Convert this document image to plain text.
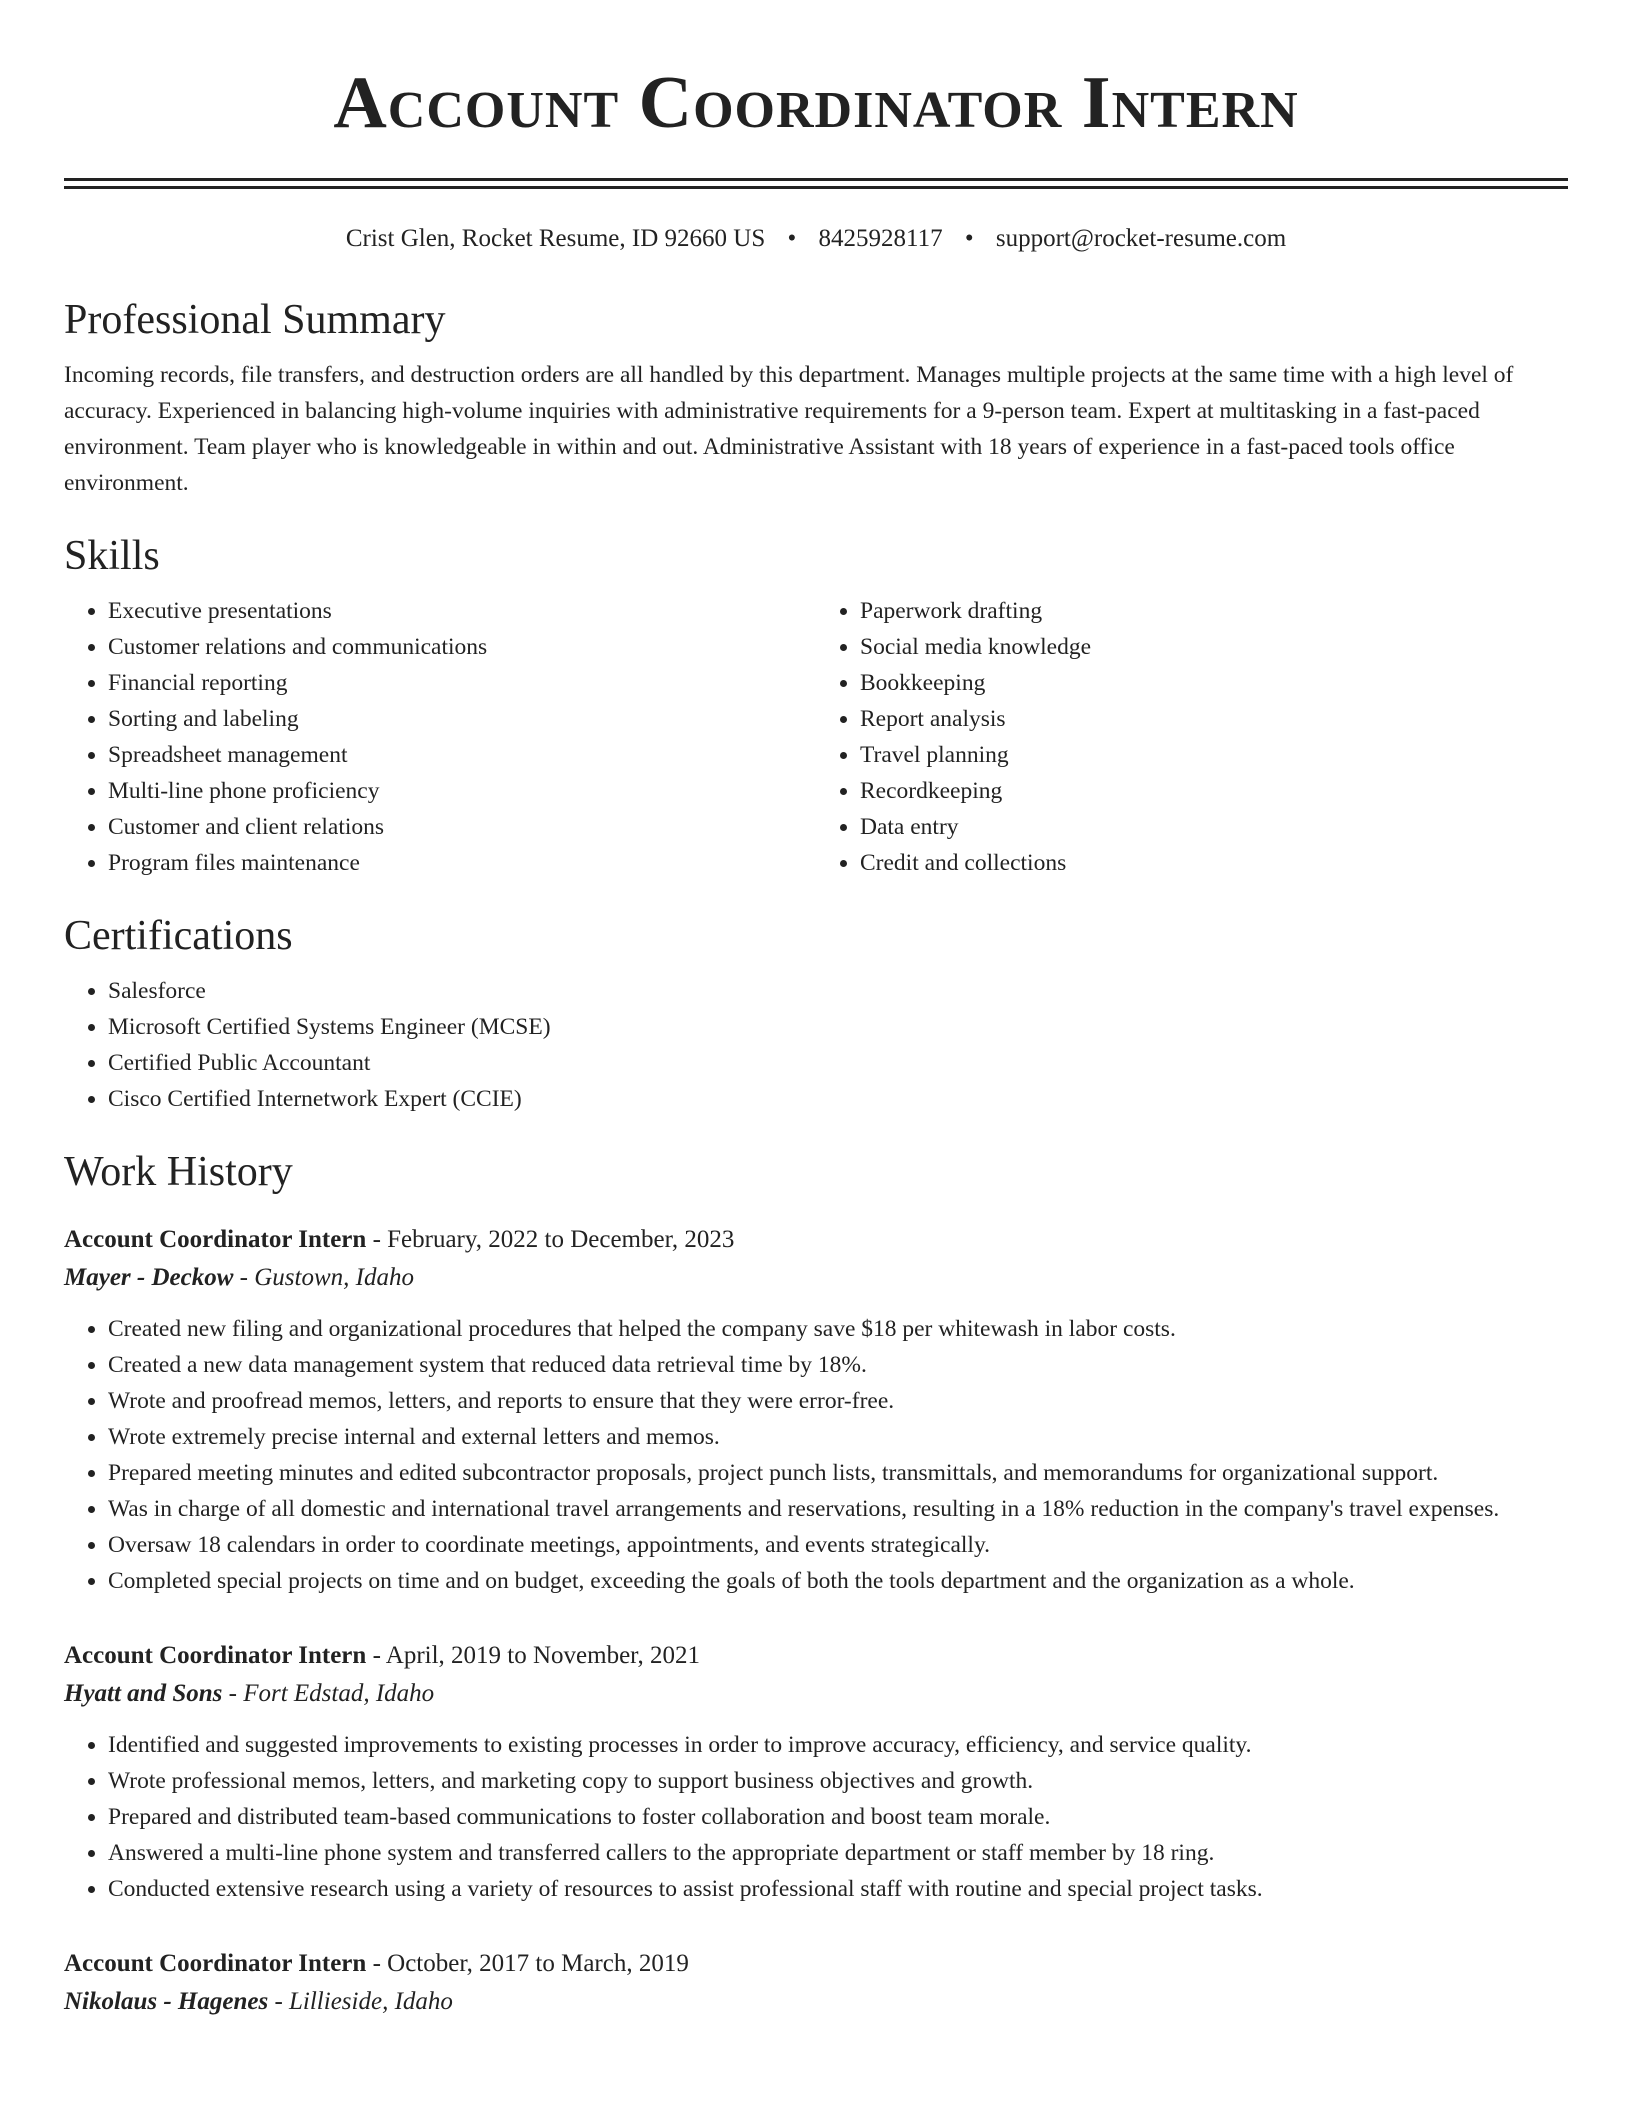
Account Coordinator Intern
Crist Glen, Rocket Resume, ID 92660 US • 8425928117 • support@rocket-resume.com
Professional Summary

Incoming records, file transfers, and destruction orders are all handled by this department. Manages multiple projects at the same time with a high level of accuracy. Experienced in balancing high-volume inquiries with administrative requirements for a 9-person team. Expert at multitasking in a fast-paced environment. Team player who is knowledgeable in within and out. Administrative Assistant with 18 years of experience in a fast-paced tools office environment.

Skills
• Executive presentations
• Customer relations and communications
• Financial reporting
• Sorting and labeling
• Spreadsheet management
• Multi-line phone proficiency
• Customer and client relations
• Program files maintenance
• Paperwork drafting
• Social media knowledge
• Bookkeeping
• Report analysis
• Travel planning
• Recordkeeping
• Data entry
• Credit and collections
Certifications
• Salesforce
• Microsoft Certified Systems Engineer (MCSE)
• Certified Public Accountant
• Cisco Certified Internetwork Expert (CCIE)
Work History
Account Coordinator Intern - February, 2022 to December, 2023
Mayer - Deckow - Gustown, Idaho
• Created new filing and organizational procedures that helped the company save $18 per whitewash in labor costs.
• Created a new data management system that reduced data retrieval time by 18%.
• Wrote and proofread memos, letters, and reports to ensure that they were error-free.
• Wrote extremely precise internal and external letters and memos.
• Prepared meeting minutes and edited subcontractor proposals, project punch lists, transmittals, and memorandums for organizational support.
• Was in charge of all domestic and international travel arrangements and reservations, resulting in a 18% reduction in the company's travel expenses.
• Oversaw 18 calendars in order to coordinate meetings, appointments, and events strategically.
• Completed special projects on time and on budget, exceeding the goals of both the tools department and the organization as a whole.
Account Coordinator Intern - April, 2019 to November, 2021
Hyatt and Sons - Fort Edstad, Idaho
• Identified and suggested improvements to existing processes in order to improve accuracy, efficiency, and service quality.
• Wrote professional memos, letters, and marketing copy to support business objectives and growth.
• Prepared and distributed team-based communications to foster collaboration and boost team morale.
• Answered a multi-line phone system and transferred callers to the appropriate department or staff member by 18 ring.
• Conducted extensive research using a variety of resources to assist professional staff with routine and special project tasks.
Account Coordinator Intern - October, 2017 to March, 2019
Nikolaus - Hagenes - Lillieside, Idaho
